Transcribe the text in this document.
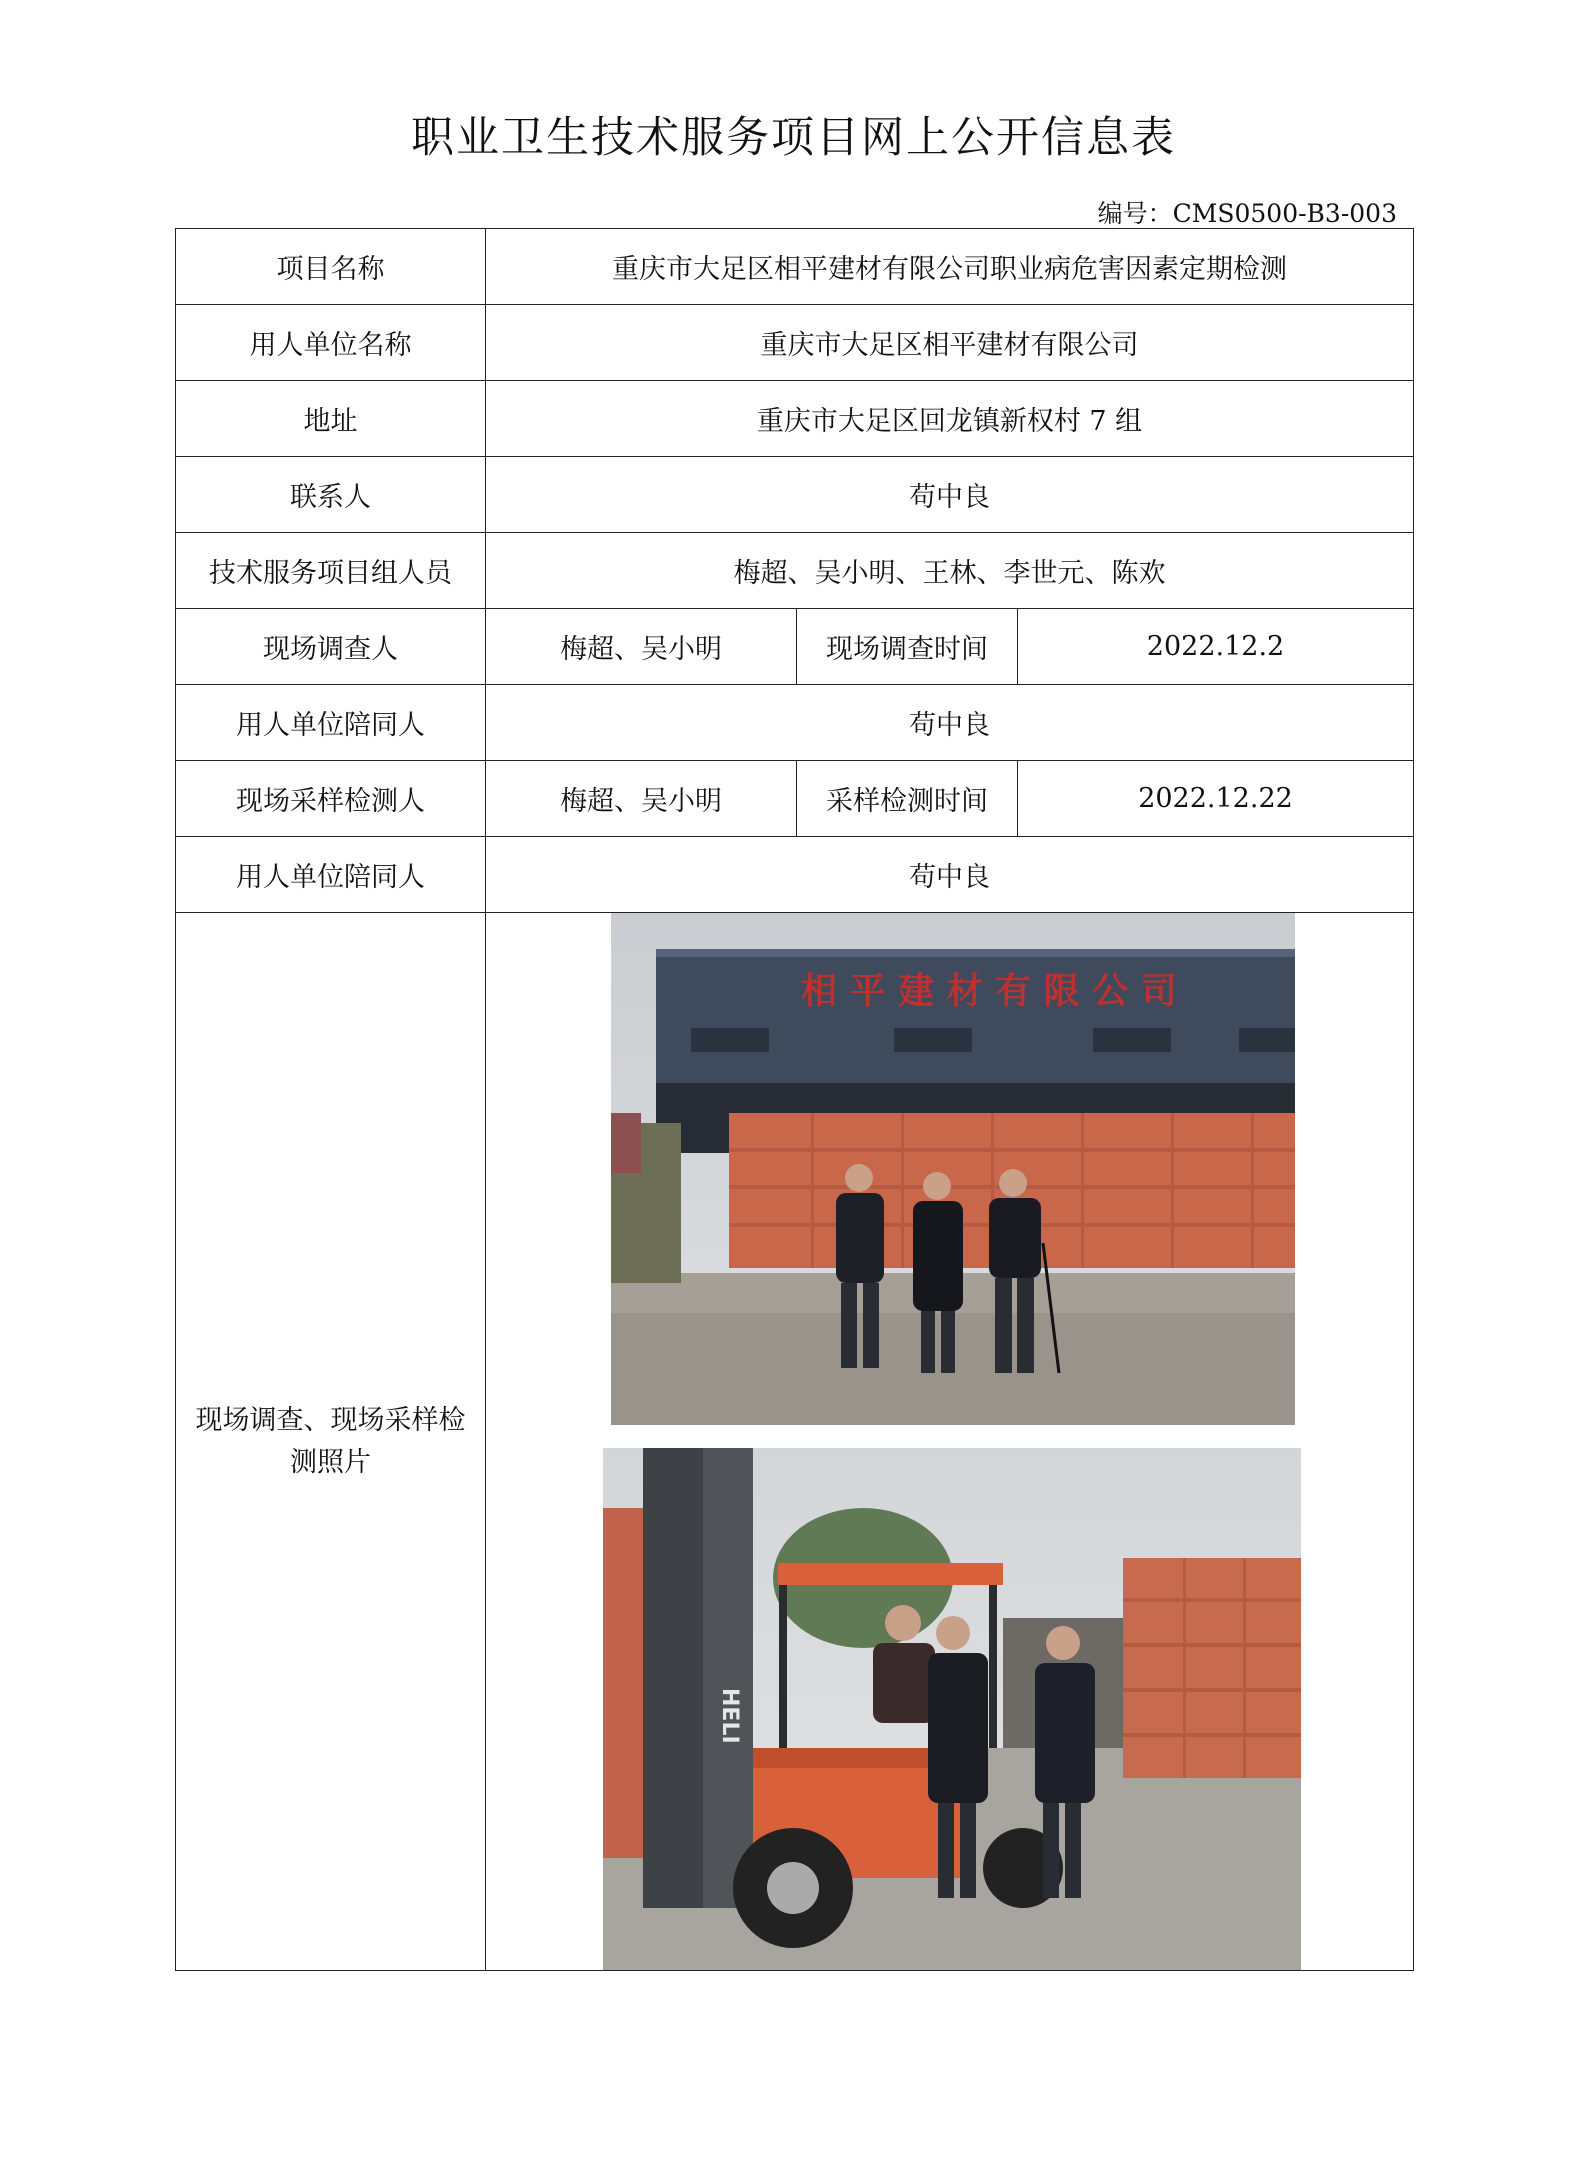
职业卫生技术服务项目网上公开信息表
编号：CMS0500-B3-003
项目名称	重庆市大足区相平建材有限公司职业病危害因素定期检测		
用人单位名称	重庆市大足区相平建材有限公司		
地址	重庆市大足区回龙镇新权村 7 组		
联系人	苟中良		
技术服务项目组人员	梅超、吴小明、王林、李世元、陈欢		
现场调查人	梅超、吴小明	现场调查时间	2022.12.2
用人单位陪同人	苟中良		
现场采样检测人	梅超、吴小明	采样检测时间	2022.12.22
用人单位陪同人	苟中良		
现场调查、现场采样检测照片	相 平 建 材 有 限 公 司
HELI		
